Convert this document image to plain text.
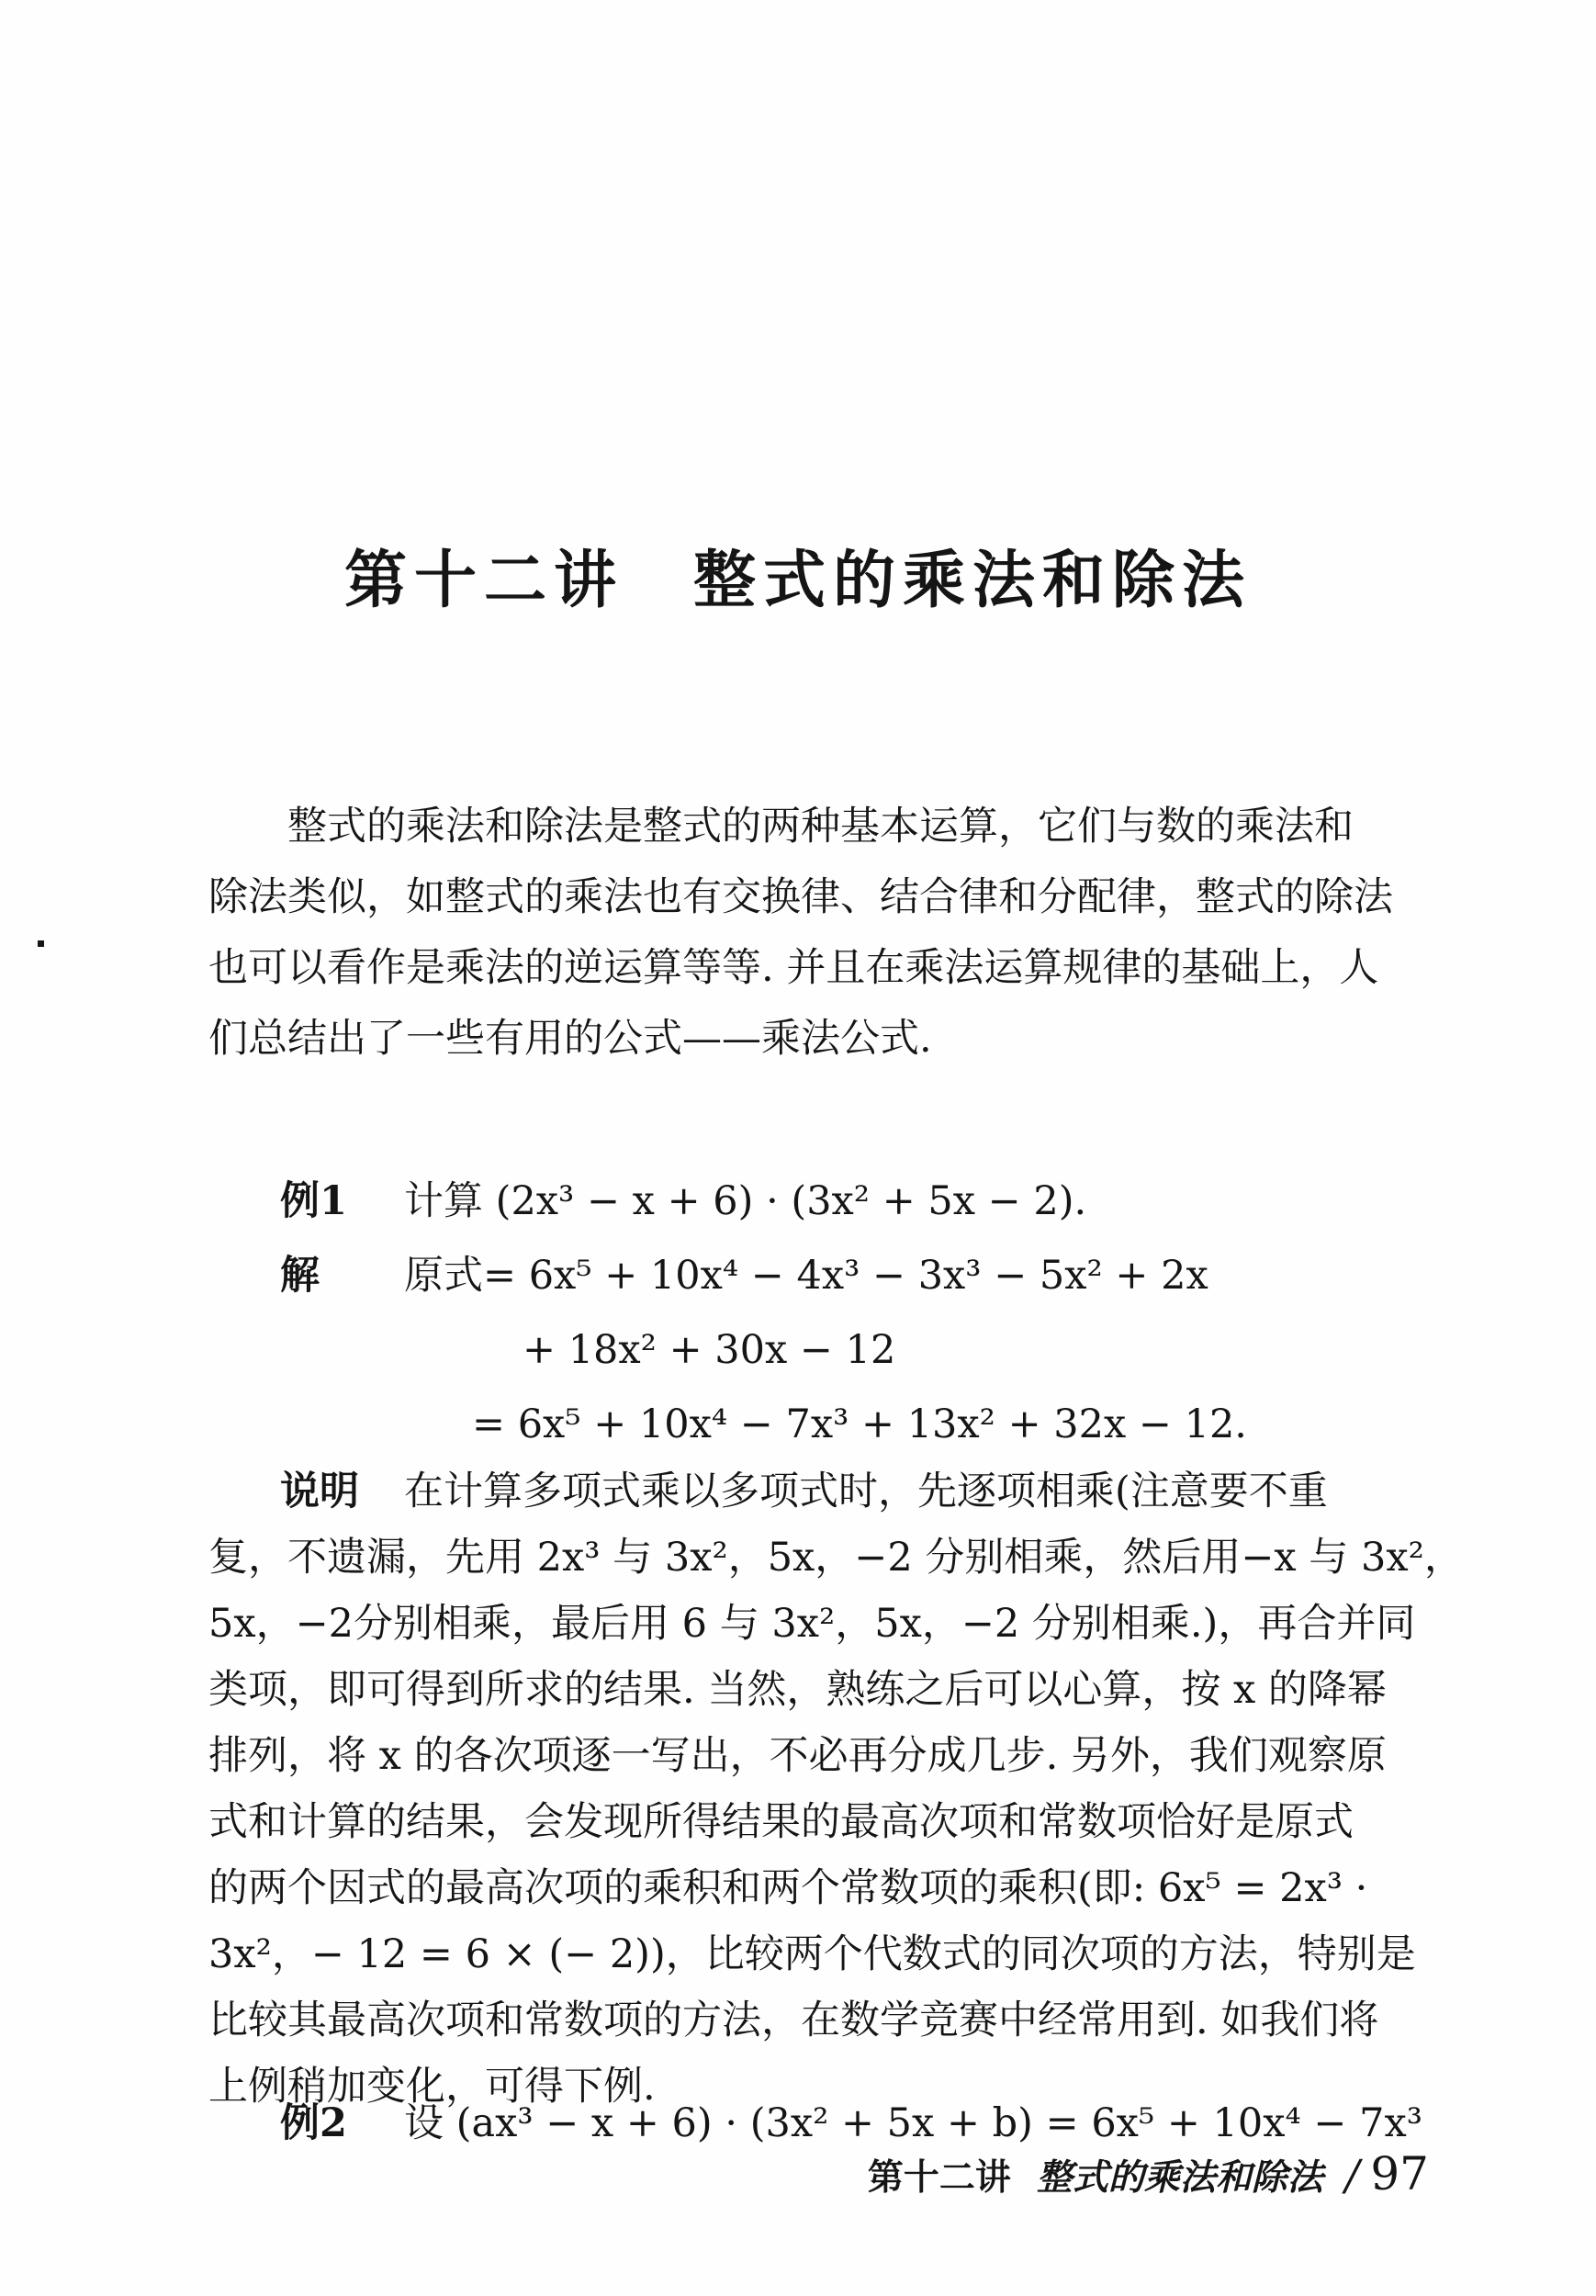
第十二讲　整式的乘法和除法
整式的乘法和除法是整式的两种基本运算，它们与数的乘法和
除法类似，如整式的乘法也有交换律、结合律和分配律，整式的除法
也可以看作是乘法的逆运算等等. 并且在乘法运算规律的基础上，人
们总结出了一些有用的公式——乘法公式.
例1 计算 (2x³ − x + 6) · (3x² + 5x − 2).
解 原式= 6x⁵ + 10x⁴ − 4x³ − 3x³ − 5x² + 2x
+ 18x² + 30x − 12
= 6x⁵ + 10x⁴ − 7x³ + 13x² + 32x − 12.
说明 在计算多项式乘以多项式时，先逐项相乘(注意要不重
复，不遗漏，先用 2x³ 与 3x²，5x，−2 分别相乘，然后用−x 与 3x²，
5x，−2分别相乘，最后用 6 与 3x²，5x，−2 分别相乘.)，再合并同
类项，即可得到所求的结果. 当然，熟练之后可以心算，按 x 的降幂
排列，将 x 的各次项逐一写出，不必再分成几步. 另外，我们观察原
式和计算的结果，会发现所得结果的最高次项和常数项恰好是原式
的两个因式的最高次项的乘积和两个常数项的乘积(即: 6x⁵ = 2x³ ·
3x²，− 12 = 6 × (− 2))，比较两个代数式的同次项的方法，特别是
比较其最高次项和常数项的方法，在数学竞赛中经常用到. 如我们将
上例稍加变化，可得下例.
例2 设 (ax³ − x + 6) · (3x² + 5x + b) = 6x⁵ + 10x⁴ − 7x³
第十二讲 整式的乘法和除法 / 97
